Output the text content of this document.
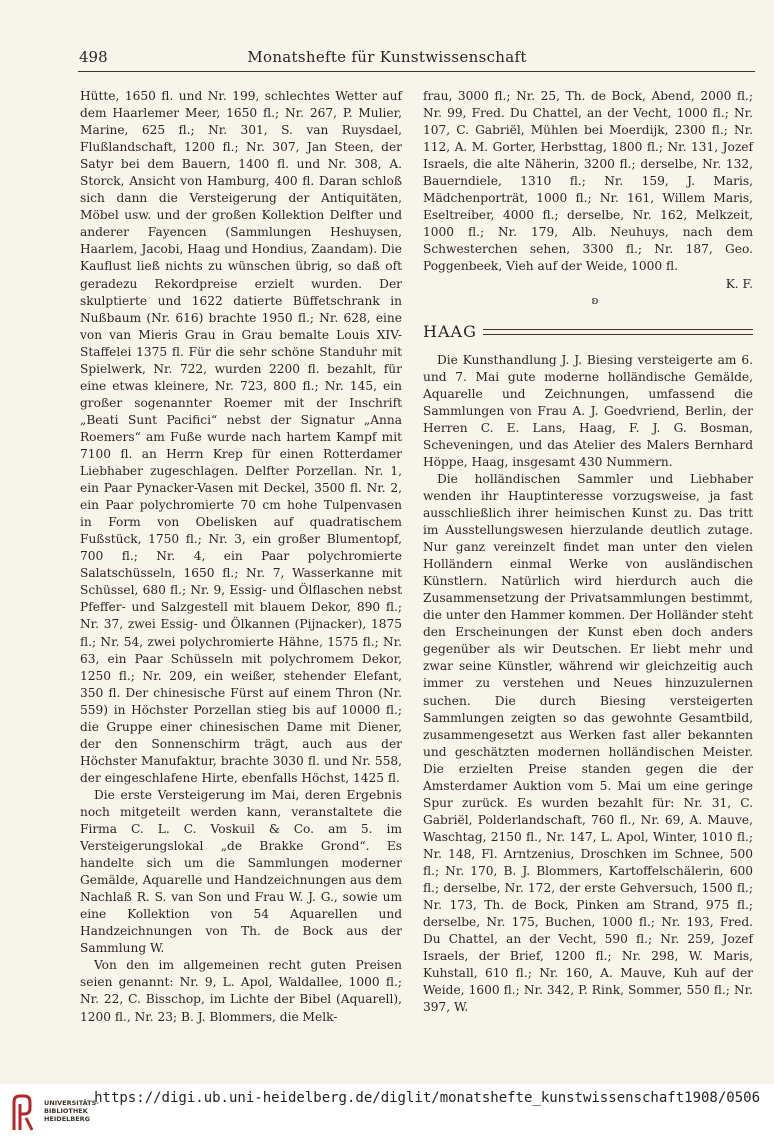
498	Monatshefte für Kunstwissenschaft

Hütte, 1650 fl. und Nr. 199, schlechtes Wetter auf dem Haarlemer Meer, 1650 fl.; Nr. 267, P. Mulier, Marine, 625 fl.; Nr. 301, S. van Ruysdael, Flußlandschaft, 1200 fl.; Nr. 307, Jan Steen, der Satyr bei dem Bauern, 1400 fl. und Nr. 308, A. Storck, Ansicht von Hamburg, 400 fl. Daran schloß sich dann die Versteigerung der Antiquitäten, Möbel usw. und der großen Kollektion Delfter und anderer Fayencen (Sammlungen Heshuysen, Haarlem, Jacobi, Haag und Hondius, Zaandam). Die Kauflust ließ nichts zu wünschen übrig, so daß oft geradezu Rekordpreise erzielt wurden. Der skulptierte und 1622 datierte Büffetschrank in Nußbaum (Nr. 616) brachte 1950 fl.; Nr. 628, eine von van Mieris Grau in Grau bemalte Louis XIV-Staffelei 1375 fl. Für die sehr schöne Standuhr mit Spielwerk, Nr. 722, wurden 2200 fl. bezahlt, für eine etwas kleinere, Nr. 723, 800 fl.; Nr. 145, ein großer sogenannter Roemer mit der Inschrift „Beati Sunt Pacifici“ nebst der Signatur „Anna Roemers“ am Fuße wurde nach hartem Kampf mit 7100 fl. an Herrn Krep für einen Rotterdamer Liebhaber zugeschlagen. Delfter Porzellan. Nr. 1, ein Paar Pynacker-Vasen mit Deckel, 3500 fl. Nr. 2, ein Paar polychromierte 70 cm hohe Tulpenvasen in Form von Obelisken auf quadratischem Fußstück, 1750 fl.; Nr. 3, ein großer Blumentopf, 700 fl.; Nr. 4, ein Paar polychromierte Salatschüsseln, 1650 fl.; Nr. 7, Wasserkanne mit Schüssel, 680 fl.; Nr. 9, Essig- und Ölflaschen nebst Pfeffer- und Salzgestell mit blauem Dekor, 890 fl.; Nr. 37, zwei Essig- und Ölkannen (Pijnacker), 1875 fl.; Nr. 54, zwei polychromierte Hähne, 1575 fl.; Nr. 63, ein Paar Schüsseln mit polychromem Dekor, 1250 fl.; Nr. 209, ein weißer, stehender Elefant, 350 fl. Der chinesische Fürst auf einem Thron (Nr. 559) in Höchster Porzellan stieg bis auf 10000 fl.; die Gruppe einer chinesischen Dame mit Diener, der den Sonnenschirm trägt, auch aus der Höchster Manufaktur, brachte 3030 fl. und Nr. 558, der eingeschlafene Hirte, ebenfalls Höchst, 1425 fl.

Die erste Versteigerung im Mai, deren Ergebnis noch mitgeteilt werden kann, veranstaltete die Firma C. L. C. Voskuil & Co. am 5. im Versteigerungslokal „de Brakke Grond“. Es handelte sich um die Sammlungen moderner Gemälde, Aquarelle und Handzeichnungen aus dem Nachlaß R. S. van Son und Frau W. J. G., sowie um eine Kollektion von 54 Aquarellen und Handzeichnungen von Th. de Bock aus der Sammlung W.

Von den im allgemeinen recht guten Preisen seien genannt: Nr. 9, L. Apol, Waldallee, 1000 fl.; Nr. 22, C. Bisschop, im Lichte der Bibel (Aquarell), 1200 fl., Nr. 23; B. J. Blommers, die Melk-

frau, 3000 fl.; Nr. 25, Th. de Bock, Abend, 2000 fl.; Nr. 99, Fred. Du Chattel, an der Vecht, 1000 fl.; Nr. 107, C. Gabriël, Mühlen bei Moerdijk, 2300 fl.; Nr. 112, A. M. Gorter, Herbsttag, 1800 fl.; Nr. 131, Jozef Israels, die alte Näherin, 3200 fl.; derselbe, Nr. 132, Bauerndiele, 1310 fl.; Nr. 159, J. Maris, Mädchenporträt, 1000 fl.; Nr. 161, Willem Maris, Eseltreiber, 4000 fl.; derselbe, Nr. 162, Melkzeit, 1000 fl.; Nr. 179, Alb. Neuhuys, nach dem Schwesterchen sehen, 3300 fl.; Nr. 187, Geo. Poggenbeek, Vieh auf der Weide, 1000 fl.

K. F.

ʚ

HAAG

Die Kunsthandlung J. J. Biesing versteigerte am 6. und 7. Mai gute moderne holländische Gemälde, Aquarelle und Zeichnungen, umfassend die Sammlungen von Frau A. J. Goedvriend, Berlin, der Herren C. E. Lans, Haag, F. J. G. Bosman, Scheveningen, und das Atelier des Malers Bernhard Höppe, Haag, insgesamt 430 Nummern.

Die holländischen Sammler und Liebhaber wenden ihr Hauptinteresse vorzugsweise, ja fast ausschließlich ihrer heimischen Kunst zu. Das tritt im Ausstellungswesen hierzulande deutlich zutage. Nur ganz vereinzelt findet man unter den vielen Holländern einmal Werke von ausländischen Künstlern. Natürlich wird hierdurch auch die Zusammensetzung der Privatsammlungen bestimmt, die unter den Hammer kommen. Der Holländer steht den Erscheinungen der Kunst eben doch anders gegenüber als wir Deutschen. Er liebt mehr und zwar seine Künstler, während wir gleichzeitig auch immer zu verstehen und Neues hinzuzulernen suchen. Die durch Biesing versteigerten Sammlungen zeigten so das gewohnte Gesamtbild, zusammengesetzt aus Werken fast aller bekannten und geschätzten modernen holländischen Meister. Die erzielten Preise standen gegen die der Amsterdamer Auktion vom 5. Mai um eine geringe Spur zurück. Es wurden bezahlt für: Nr. 31, C. Gabriël, Polderlandschaft, 760 fl., Nr. 69, A. Mauve, Waschtag, 2150 fl., Nr. 147, L. Apol, Winter, 1010 fl.; Nr. 148, Fl. Arntzenius, Droschken im Schnee, 500 fl.; Nr. 170, B. J. Blommers, Kartoffelschälerin, 600 fl.; derselbe, Nr. 172, der erste Gehversuch, 1500 fl.; Nr. 173, Th. de Bock, Pinken am Strand, 975 fl.; derselbe, Nr. 175, Buchen, 1000 fl.; Nr. 193, Fred. Du Chattel, an der Vecht, 590 fl.; Nr. 259, Jozef Israels, der Brief, 1200 fl.; Nr. 298, W. Maris, Kuhstall, 610 fl.; Nr. 160, A. Mauve, Kuh auf der Weide, 1600 fl.; Nr. 342, P. Rink, Sommer, 550 fl.; Nr. 397, W.

UNIVERSITÄTS-
BIBLIOTHEK
HEIDELBERG
https://digi.ub.uni-heidelberg.de/diglit/monatshefte_kunstwissenschaft1908/0506
